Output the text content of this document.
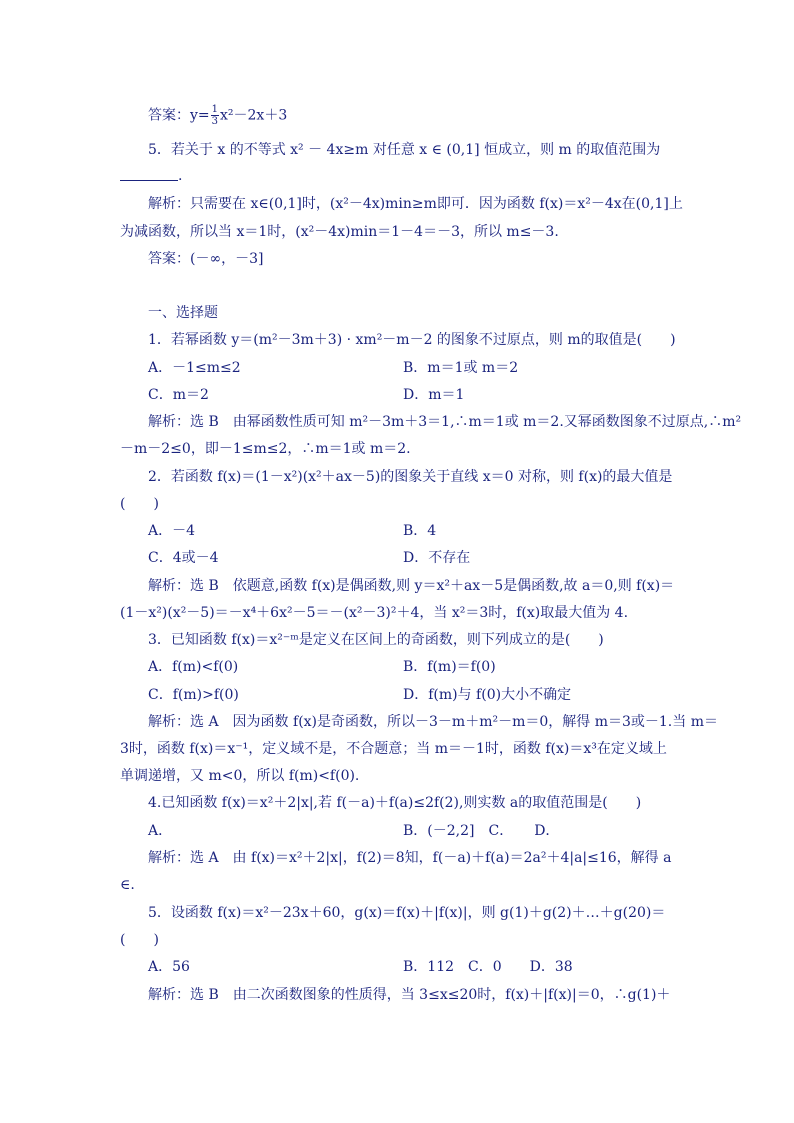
答案：$y= \frac{1}{3} x^2-2x+3$
5．若关于 x 的不等式 x² － 4x≥m 对任意 x ∈ (0,1] 恒成立，则 m 的取值范围为
.
解析：只需要在 x∈(0,1]时，(x²－4x)min≥m即可．因为函数 f(x)＝x²－4x在(0,1]上
为减函数，所以当 x＝1时，(x²－4x)min＝1－4＝－3，所以 m≤－3.
答案：(－∞，－3]
一、选择题
1．若幂函数 y＝(m²－3m＋3) · xm²－m－2 的图象不过原点，则 m的取值是(　　)
A．－1≤m≤2	B．m＝1或 m＝2
C．m＝2	D．m＝1
解析：选 B　由幂函数性质可知 m²－3m＋3＝1,∴m＝1或 m＝2.又幂函数图象不过原点,∴m²
－m－2≤0，即－1≤m≤2，∴m＝1或 m＝2.
2．若函数 f(x)＝(1－x²)(x²＋ax－5)的图象关于直线 x＝0 对称，则 f(x)的最大值是
(　　)
A．－4	B．4
C．4或－4	D．不存在
解析：选 B　依题意,函数 f(x)是偶函数,则 y＝x²＋ax－5是偶函数,故 a＝0,则 f(x)＝
(1－x²)(x²－5)＝－x⁴＋6x²－5＝－(x²－3)²＋4，当 x²＝3时，f(x)取最大值为 4.
3．已知函数 f(x)＝x²⁻ᵐ是定义在区间上的奇函数，则下列成立的是(　　)
A．f(m)<f(0)	B．f(m)＝f(0)
C．f(m)>f(0)	D．f(m)与 f(0)大小不确定
解析：选 A　因为函数 f(x)是奇函数，所以－3－m＋m²－m＝0，解得 m＝3或－1.当 m＝
3时，函数 f(x)＝x⁻¹，定义域不是，不合题意；当 m＝－1时，函数 f(x)＝x³在定义域上
单调递增，又 m<0，所以 f(m)<f(0).
4.已知函数 f(x)＝x²＋2|x|,若 f(－a)＋f(a)≤2f(2),则实数 a的取值范围是(　　)
A．	B．(－2,2]　C．　　D．
解析：选 A　由 f(x)＝x²＋2|x|，f(2)＝8知，f(－a)＋f(a)＝2a²＋4|a|≤16，解得 a
∈.
5．设函数 f(x)＝x²－23x＋60，g(x)＝f(x)＋|f(x)|，则 g(1)＋g(2)＋…＋g(20)＝
(　　)
A．56	B．112　C．0　　D．38
解析：选 B　由二次函数图象的性质得，当 3≤x≤20时，f(x)＋|f(x)|＝0，∴g(1)＋
